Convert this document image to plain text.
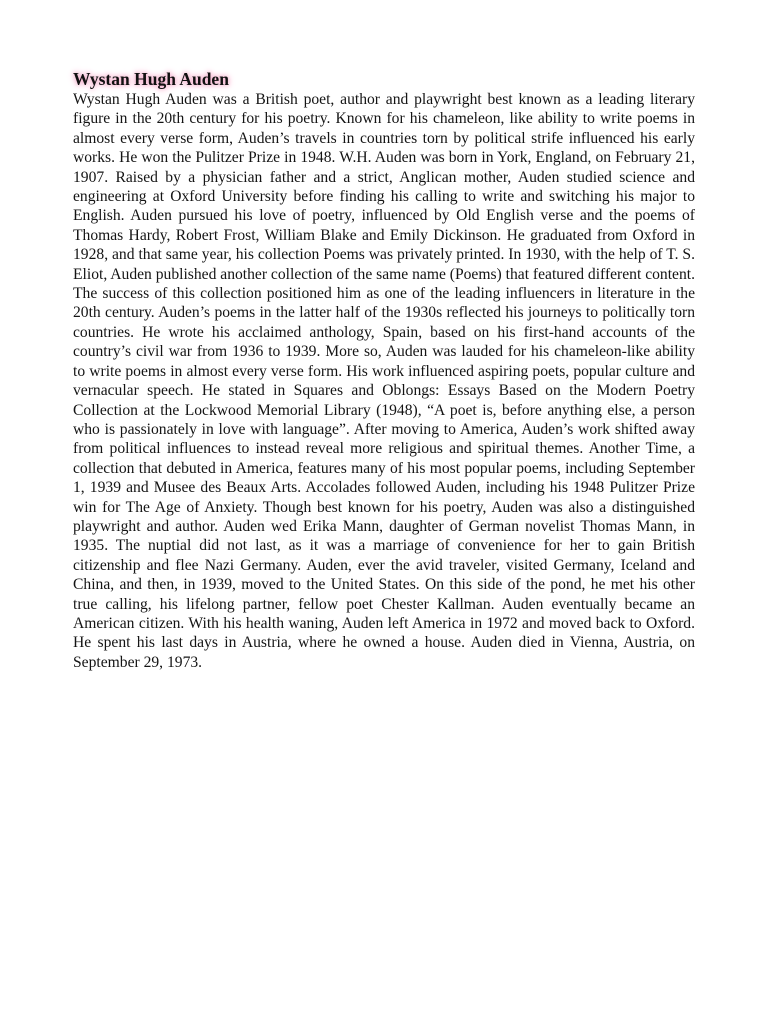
Wystan Hugh Auden

Wystan Hugh Auden was a British poet, author and playwright best known as a leading literary figure in the 20th century for his poetry. Known for his chameleon, like ability to write poems in almost every verse form, Auden’s travels in countries torn by political strife influenced his early works. He won the Pulitzer Prize in 1948. W.H. Auden was born in York, England, on February 21, 1907. Raised by a physician father and a strict, Anglican mother, Auden studied science and engineering at Oxford University before finding his calling to write and switching his major to English. Auden pursued his love of poetry, influenced by Old English verse and the poems of Thomas Hardy, Robert Frost, William Blake and Emily Dickinson. He graduated from Oxford in 1928, and that same year, his collection Poems was privately printed. In 1930, with the help of T. S. Eliot, Auden published another collection of the same name (Poems) that featured different content. The success of this collection positioned him as one of the leading influencers in literature in the 20th century. Auden’s poems in the latter half of the 1930s reflected his journeys to politically torn countries. He wrote his acclaimed anthology, Spain, based on his first-hand accounts of the country’s civil war from 1936 to 1939. More so, Auden was lauded for his chameleon-like ability to write poems in almost every verse form. His work influenced aspiring poets, popular culture and vernacular speech. He stated in Squares and Oblongs: Essays Based on the Modern Poetry Collection at the Lockwood Memorial Library (1948), “A poet is, before anything else, a person who is passionately in love with language”. After moving to America, Auden’s work shifted away from political influences to instead reveal more religious and spiritual themes. Another Time, a collection that debuted in America, features many of his most popular poems, including September 1, 1939 and Musee des Beaux Arts. Accolades followed Auden, including his 1948 Pulitzer Prize win for The Age of Anxiety. Though best known for his poetry, Auden was also a distinguished playwright and author. Auden wed Erika Mann, daughter of German novelist Thomas Mann, in 1935. The nuptial did not last, as it was a marriage of convenience for her to gain British citizenship and flee Nazi Germany. Auden, ever the avid traveler, visited Germany, Iceland and China, and then, in 1939, moved to the United States. On this side of the pond, he met his other true calling, his lifelong partner, fellow poet Chester Kallman. Auden eventually became an American citizen. With his health waning, Auden left America in 1972 and moved back to Oxford. He spent his last days in Austria, where he owned a house. Auden died in Vienna, Austria, on September 29, 1973.
